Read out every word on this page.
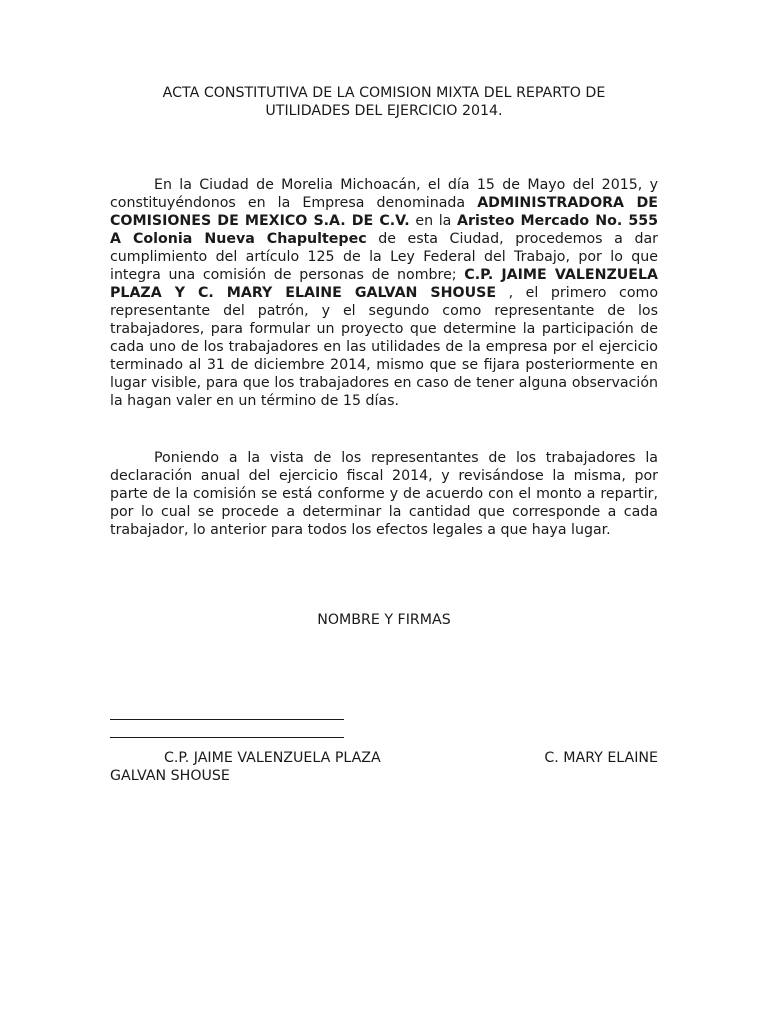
ACTA CONSTITUTIVA DE LA COMISION MIXTA DEL REPARTO DE
UTILIDADES DEL EJERCICIO 2014.

En la Ciudad de Morelia Michoacán, el día 15 de Mayo del 2015, y constituyéndonos en la Empresa denominada ADMINISTRADORA DE COMISIONES DE MEXICO S.A. DE C.V. en la Aristeo Mercado No. 555 A Colonia Nueva Chapultepec de esta Ciudad, procedemos a dar cumplimiento del artículo 125 de la Ley Federal del Trabajo, por lo que integra una comisión de personas de nombre; C.P. JAIME VALENZUELA PLAZA Y C. MARY ELAINE GALVAN SHOUSE , el primero como representante del patrón, y el segundo como representante de los trabajadores, para formular un proyecto que determine la participación de cada uno de los trabajadores en las utilidades de la empresa por el ejercicio terminado al 31 de diciembre 2014, mismo que se fijara posteriormente en lugar visible, para que los trabajadores en caso de tener alguna observación la hagan valer en un término de 15 días.

Poniendo a la vista de los representantes de los trabajadores la declaración anual del ejercicio fiscal 2014, y revisándose la misma, por parte de la comisión se está conforme y de acuerdo con el monto a repartir, por lo cual se procede a determinar la cantidad que corresponde a cada trabajador, lo anterior para todos los efectos legales a que haya lugar.

NOMBRE Y FIRMAS
C.P. JAIME VALENZUELA PLAZA	C. MARY ELAINE
GALVAN SHOUSE
